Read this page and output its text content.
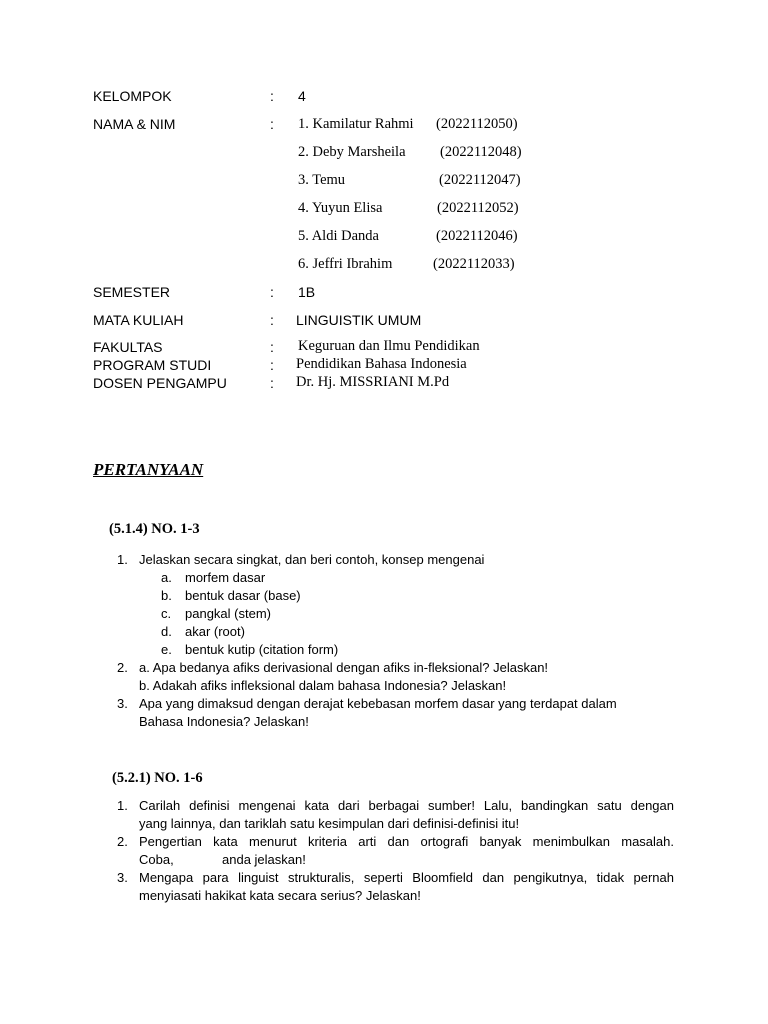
KELOMPOK	: 4
NAMA & NIM	: 1. Kamilatur Rahmi (2022112050)
2. Deby Marsheila (2022112048)
3. Temu	(2022112047)
4. Yuyun Elisa	(2022112052)
5. Aldi Danda	(2022112046)
6. Jeffri Ibrahim	(2022112033)
SEMESTER	: 1B
MATA KULIAH	: LINGUISTIK UMUM
FAKULTAS	: Keguruan dan Ilmu Pendidikan
PROGRAM STUDI	: Pendidikan Bahasa Indonesia
DOSEN PENGAMPU	: Dr. Hj. MISSRIANI M.Pd
PERTANYAAN
(5.1.4) NO. 1-3
1. Jelaskan secara singkat, dan beri contoh, konsep mengenai
a. morfem dasar
b. bentuk dasar (base)
c. pangkal (stem)
d. akar (root)
e. bentuk kutip (citation form)
2. a. Apa bedanya afiks derivasional dengan afiks in-fleksional? Jelaskan!
b. Adakah afiks infleksional dalam bahasa Indonesia? Jelaskan!
3. Apa yang dimaksud dengan derajat kebebasan morfem dasar yang terdapat dalam
Bahasa Indonesia? Jelaskan!
(5.2.1) NO. 1-6
1. Carilah definisi mengenai kata dari berbagai sumber! Lalu, bandingkan satu dengan
yang lainnya, dan tariklah satu kesimpulan dari definisi-definisi itu!
2. Pengertian kata menurut kriteria arti dan ortografi banyak menimbulkan masalah.
Coba,	anda jelaskan!
3. Mengapa para linguist strukturalis, seperti Bloomfield dan pengikutnya, tidak pernah
menyiasati hakikat kata secara serius? Jelaskan!
